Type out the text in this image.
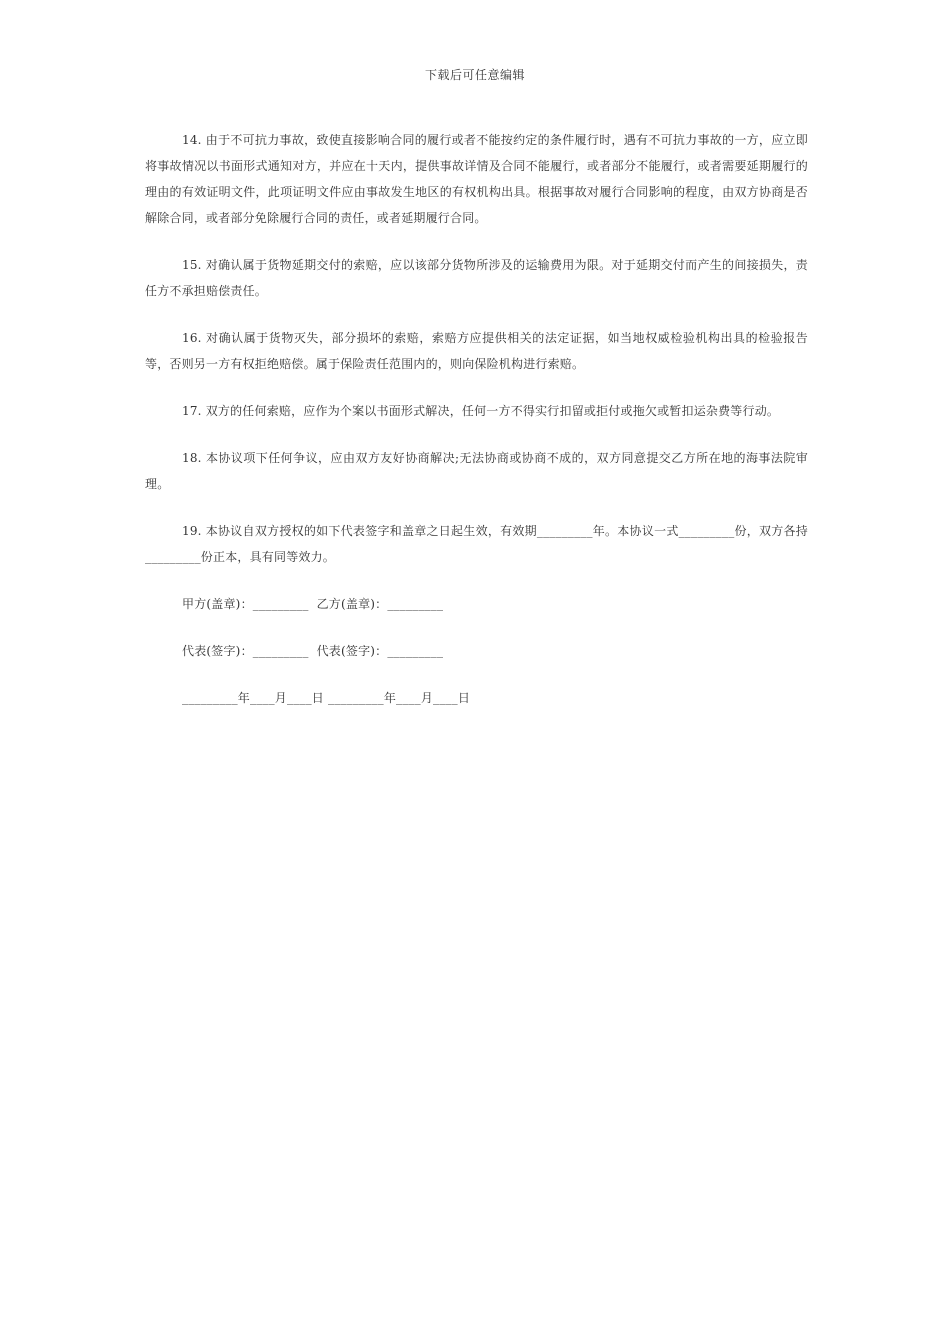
下载后可任意编辑

14. 由于不可抗力事故，致使直接影响合同的履行或者不能按约定的条件履行时，遇有不可抗力事故的一方，应立即将事故情况以书面形式通知对方，并应在十天内，提供事故详情及合同不能履行，或者部分不能履行，或者需要延期履行的理由的有效证明文件，此项证明文件应由事故发生地区的有权机构出具。根据事故对履行合同影响的程度，由双方协商是否解除合同，或者部分免除履行合同的责任，或者延期履行合同。

15. 对确认属于货物延期交付的索赔，应以该部分货物所涉及的运输费用为限。对于延期交付而产生的间接损失，责任方不承担赔偿责任。

16. 对确认属于货物灭失，部分损坏的索赔，索赔方应提供相关的法定证据，如当地权威检验机构出具的检验报告等，否则另一方有权拒绝赔偿。属于保险责任范围内的，则向保险机构进行索赔。

17. 双方的任何索赔，应作为个案以书面形式解决，任何一方不得实行扣留或拒付或拖欠或暂扣运杂费等行动。

18. 本协议项下任何争议，应由双方友好协商解决;无法协商或协商不成的，双方同意提交乙方所在地的海事法院审理。

19. 本协议自双方授权的如下代表签字和盖章之日起生效，有效期_________年。本协议一式_________份，双方各持_________份正本，具有同等效力。

甲方(盖章)：_________  乙方(盖章)：_________

代表(签字)：_________  代表(签字)：_________

_________年____月____日 _________年____月____日
